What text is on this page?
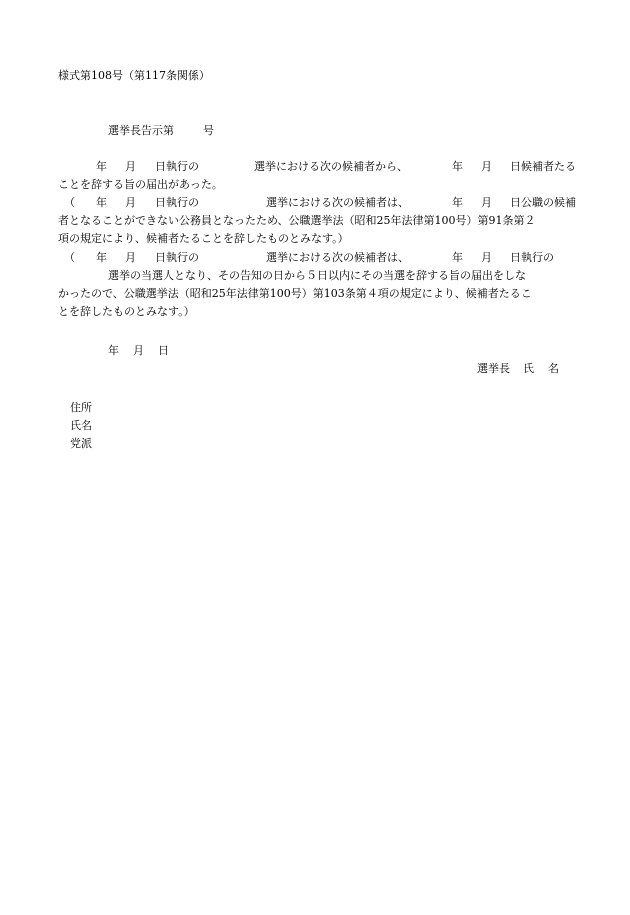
様式第108号（第117条関係）
選挙長告示第	号
年 月 日執行の	選挙における次の候補者から、	年 月 日候補者たる
ことを辞する旨の届出があった。
（ 年 月 日執行の	選挙における次の候補者は、	年 月 日公職の候補
者となることができない公務員となったため、公職選挙法（昭和25年法律第100号）第91条第２
項の規定により、候補者たることを辞したものとみなす。）
（ 年 月 日執行の	選挙における次の候補者は、	年 月 日執行の
選挙の当選人となり、その告知の日から５日以内にその当選を辞する旨の届出をしな
かったので、公職選挙法（昭和25年法律第100号）第103条第４項の規定により、候補者たるこ
とを辞したものとみなす。）
年 月 日
選挙長 氏 名
住所
氏名
党派
